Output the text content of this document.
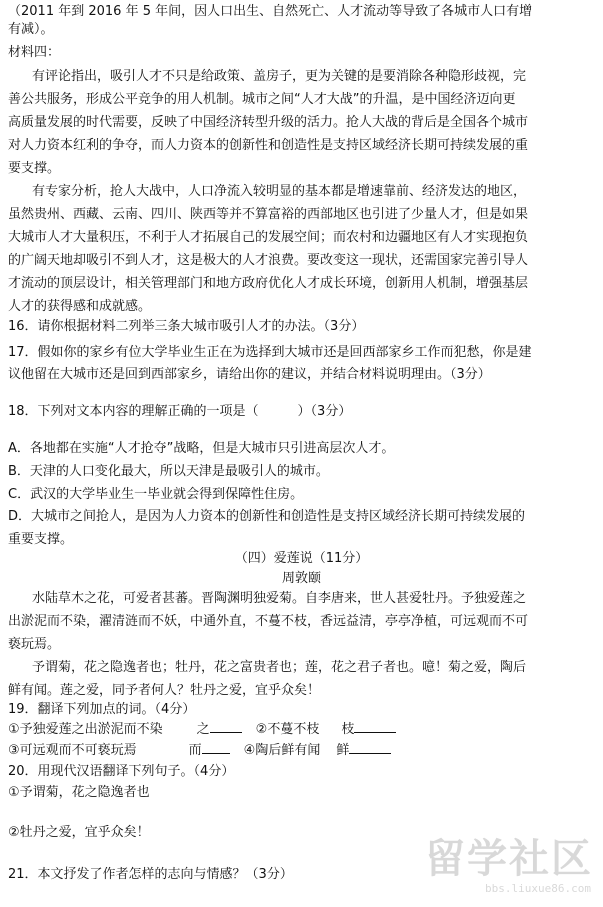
（2011 年到 2016 年 5 年间，因人口出生、自然死亡、人才流动等导致了各城市人口有增
有减）。
材料四：
有评论指出，吸引人才不只是给政策、盖房子，更为关键的是要消除各种隐形歧视，完
善公共服务，形成公平竞争的用人机制。城市之间“人才大战”的升温，是中国经济迈向更
高质量发展的时代需要，反映了中国经济转型升级的活力。抢人大战的背后是全国各个城市
对人力资本红利的争夺，而人力资本的创新性和创造性是支持区域经济长期可持续发展的重
要支撑。
有专家分析，抢人大战中，人口净流入较明显的基本都是增速靠前、经济发达的地区，
虽然贵州、西藏、云南、四川、陕西等并不算富裕的西部地区也引进了少量人才，但是如果
大城市人才大量积压，不利于人才拓展自己的发展空间；而农村和边疆地区有人才实现抱负
的广阔天地却吸引不到人才，这是极大的人才浪费。要改变这一现状，还需国家完善引导人
才流动的顶层设计，相关管理部门和地方政府优化人才成长环境，创新用人机制，增强基层
人才的获得感和成就感。
16．请你根据材料二列举三条大城市吸引人才的办法。（3分）
17．假如你的家乡有位大学毕业生正在为选择到大城市还是回西部家乡工作而犯愁，你是建
议他留在大城市还是回到西部家乡，请给出你的建议，并结合材料说明理由。（3分）
18．下列对文本内容的理解正确的一项是（　　　）（3分）
A．各地都在实施“人才抢夺”战略，但是大城市只引进高层次人才。
B．天津的人口变化最大，所以天津是最吸引人的城市。
C．武汉的大学毕业生一毕业就会得到保障性住房。
D．大城市之间抢人，是因为人力资本的创新性和创造性是支持区域经济长期可持续发展的
重要支撑。
（四）爱莲说（11分）
周敦颐
水陆草木之花，可爱者甚蕃。晋陶渊明独爱菊。自李唐来，世人甚爱牡丹。予独爱莲之
出淤泥而不染，濯清涟而不妖，中通外直，不蔓不枝，香远益清，亭亭净植，可远观而不可
亵玩焉。
予谓菊，花之隐逸者也；牡丹，花之富贵者也；莲，花之君子者也。噫！菊之爱，陶后
鲜有闻。莲之爱，同予者何人？牡丹之爱，宜乎众矣！
19．翻译下列加点的词。（4分）
①予独爱莲之出淤泥而不染	之	②不蔓不枝 枝
③可远观而不可亵玩焉	而	④陶后鲜有闻 鲜
20．用现代汉语翻译下列句子。（4分）
①予谓菊，花之隐逸者也
②牡丹之爱，宜乎众矣！
21．本文抒发了作者怎样的志向与情感？（3分）	留学社区
bbs.liuxue86.com
